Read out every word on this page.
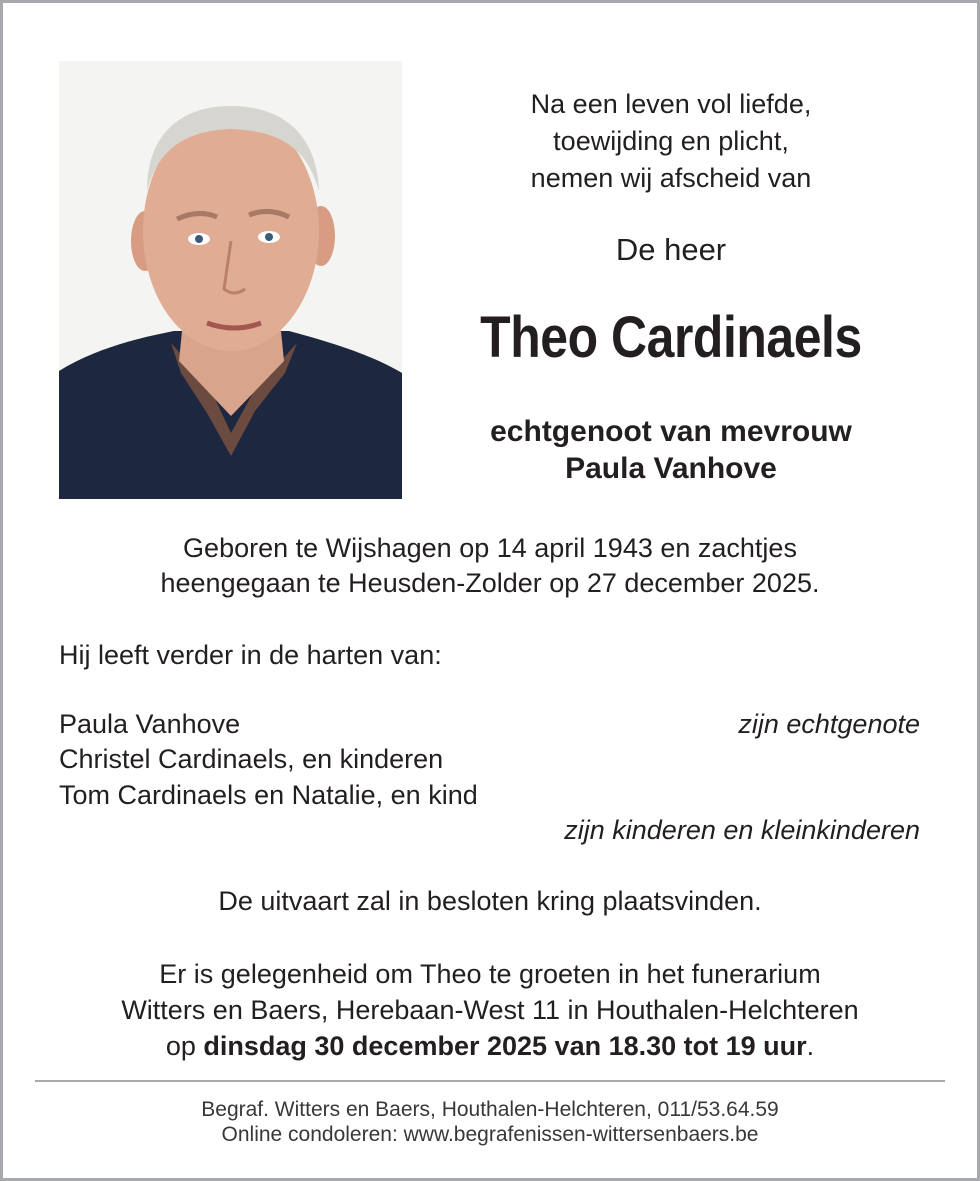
Na een leven vol liefde,
toewijding en plicht,
nemen wij afscheid van
De heer
Theo Cardinaels
echtgenoot van mevrouw
Paula Vanhove
Geboren te Wijshagen op 14 april 1943 en zachtjes
heengegaan te Heusden-Zolder op 27 december 2025.
Hij leeft verder in de harten van:
Paula Vanhove	zijn echtgenote
Christel Cardinaels, en kinderen
Tom Cardinaels en Natalie, en kind
zijn kinderen en kleinkinderen
De uitvaart zal in besloten kring plaatsvinden.
Er is gelegenheid om Theo te groeten in het funerarium
Witters en Baers, Herebaan-West 11 in Houthalen-Helchteren
op dinsdag 30 december 2025 van 18.30 tot 19 uur.
Begraf. Witters en Baers, Houthalen-Helchteren, 011/53.64.59
Online condoleren: www.begrafenissen-wittersenbaers.be
